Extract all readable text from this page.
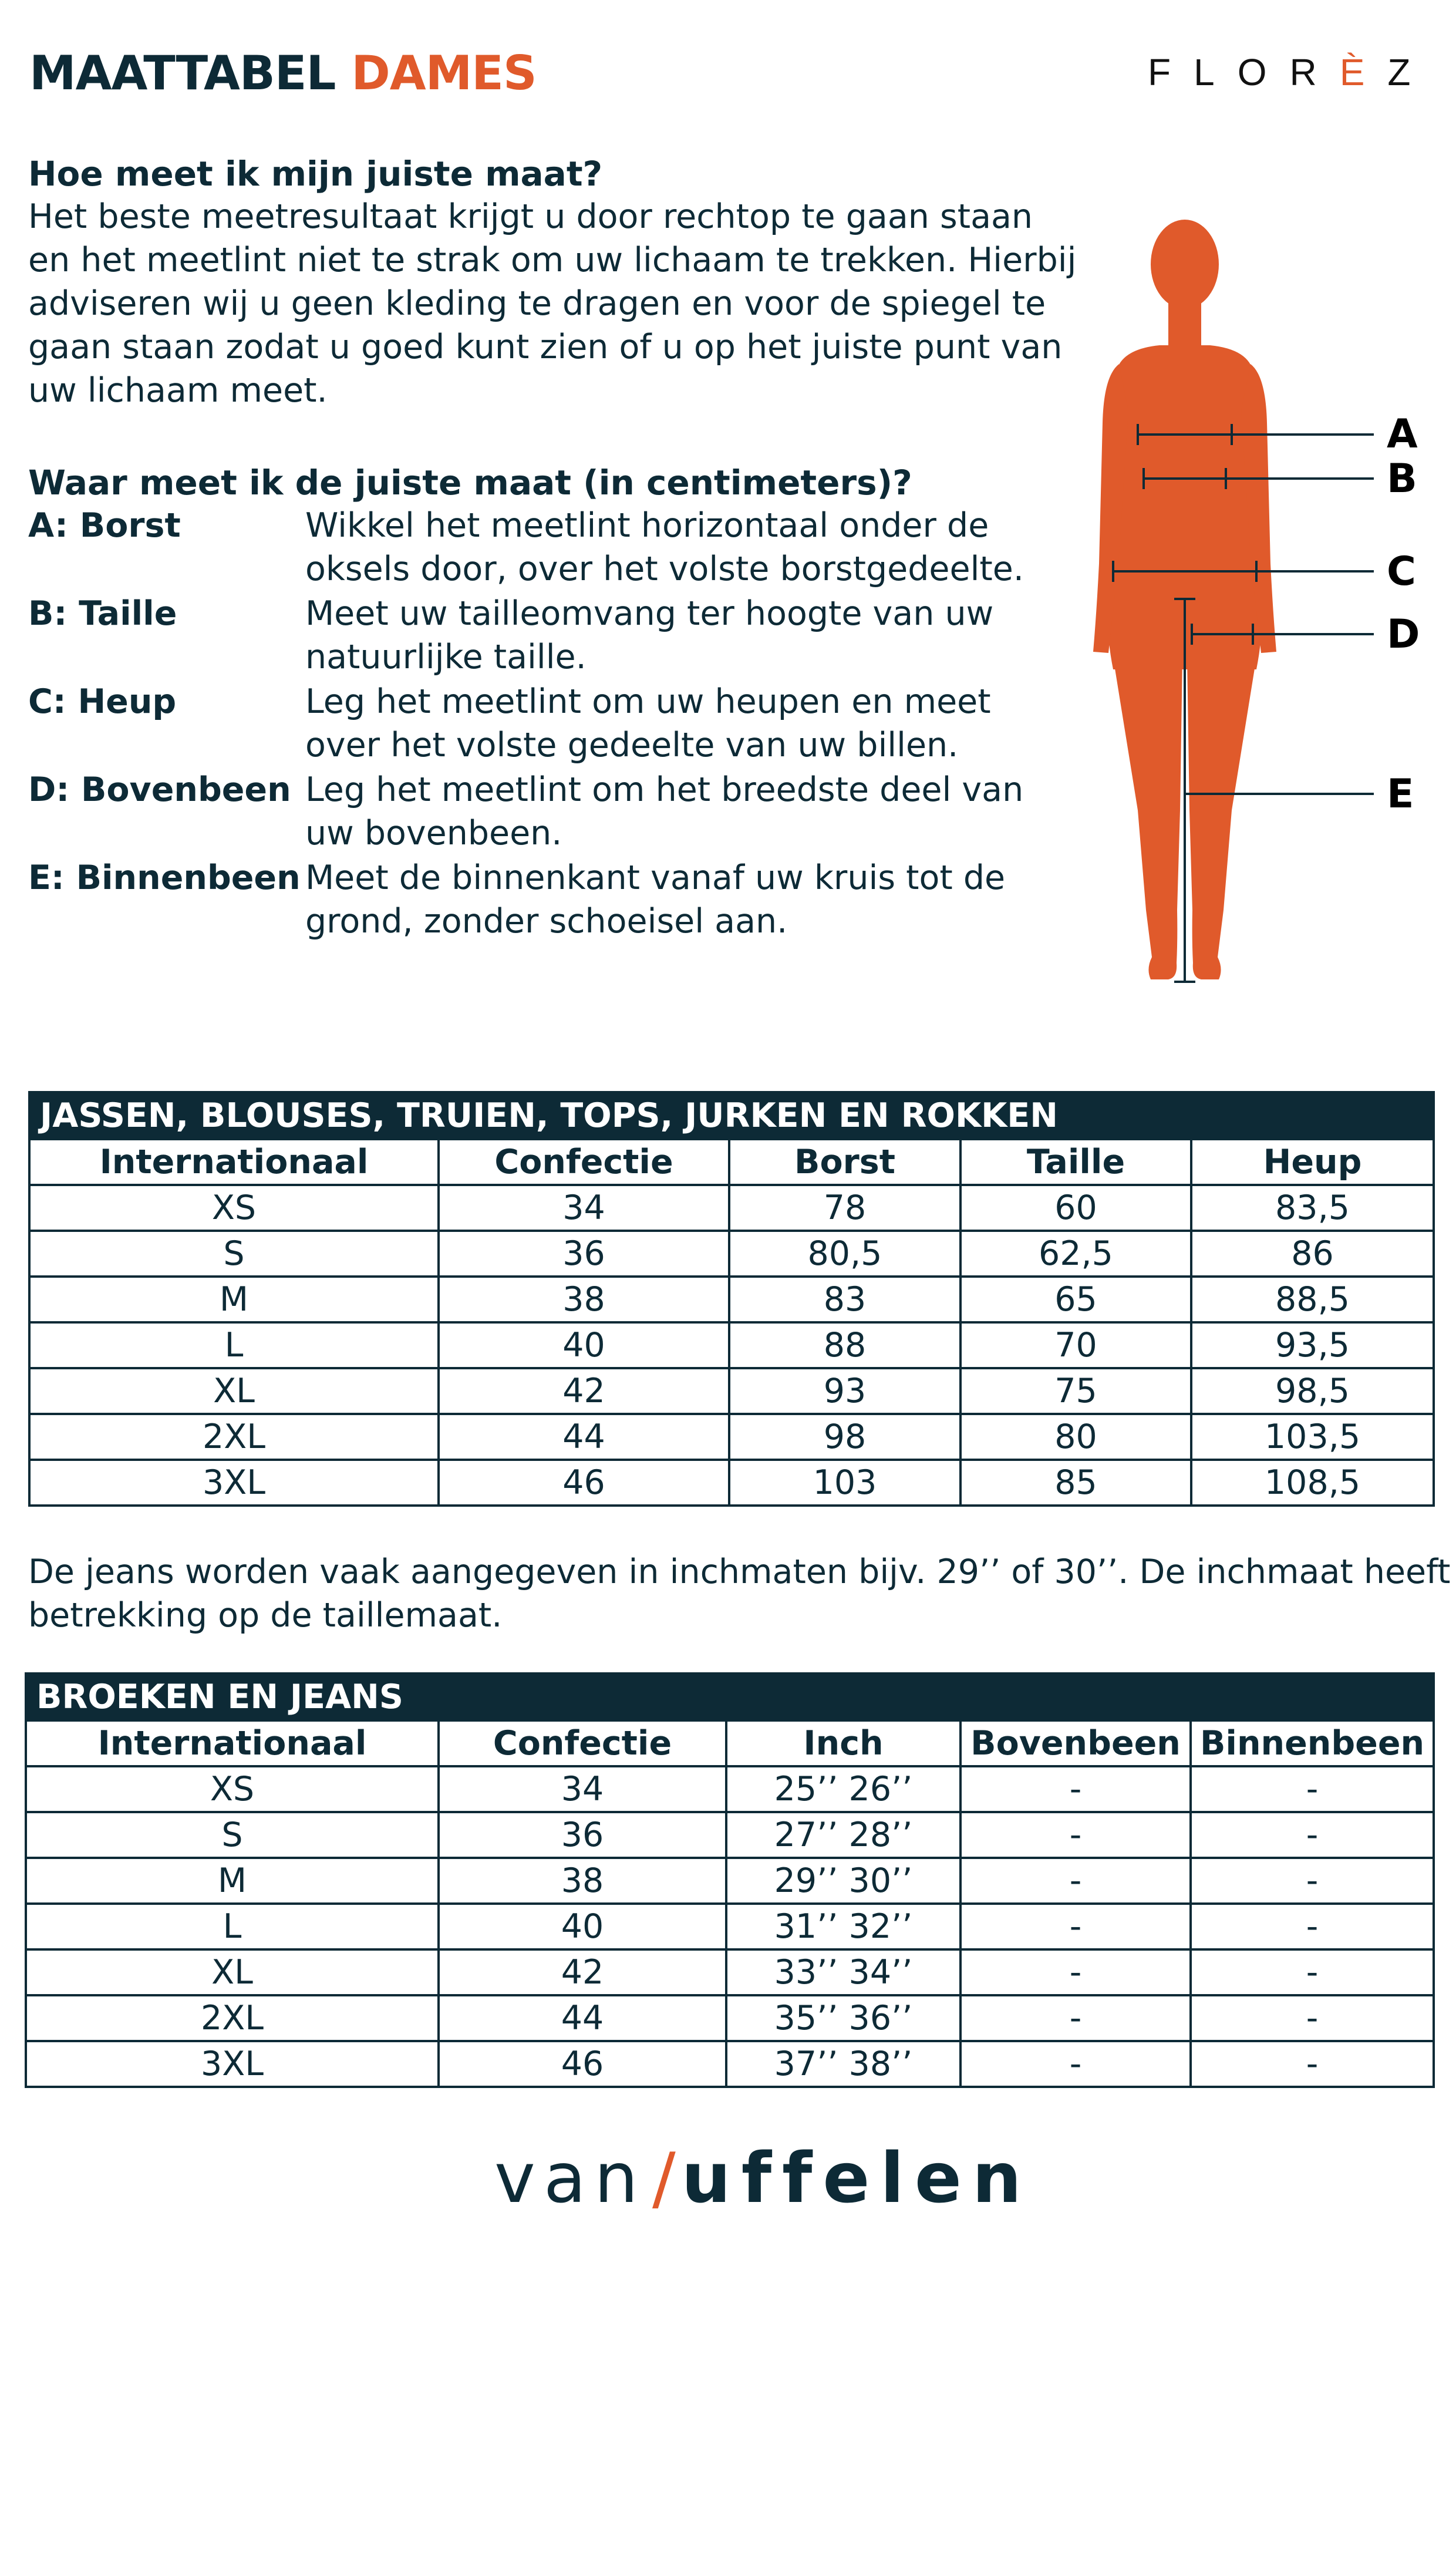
MAATTABEL DAMES	FLORÈZ
Hoe meet ik mijn juiste maat?
Het beste meetresultaat krijgt u door rechtop te gaan staan
en het meetlint niet te strak om uw lichaam te trekken. Hierbij
adviseren wij u geen kleding te dragen en voor de spiegel te
gaan staan zodat u goed kunt zien of u op het juiste punt van
uw lichaam meet.
Waar meet ik de juiste maat (in centimeters)?
A: Borst	Wikkel het meetlint horizontaal onder de
oksels door, over het volste borstgedeelte.
B: Taille	Meet uw tailleomvang ter hoogte van uw
natuurlijke taille.
C: Heup	Leg het meetlint om uw heupen en meet
over het volste gedeelte van uw billen.
D: Bovenbeen Leg het meetlint om het breedste deel van
uw bovenbeen.
E: Binnenbeen Meet de binnenkant vanaf uw kruis tot de
grond, zonder schoeisel aan.
A
B
C
D
E
JASSEN, BLOUSES, TRUIEN, TOPS, JURKEN EN ROKKEN				
Internationaal	Confectie	Borst	Taille	Heup
XS	34	78	60	83,5
S	36	80,5	62,5	86
M	38	83	65	88,5
L	40	88	70	93,5
XL	42	93	75	98,5
2XL	44	98	80	103,5
3XL	46	103	85	108,5
De jeans worden vaak aangegeven in inchmaten bijv. 29’’ of 30’’. De inchmaat heeft
betrekking op de taillemaat.
BROEKEN EN JEANS				
Internationaal	Confectie	Inch	Bovenbeen	Binnenbeen
XS	34	25’’ 26’’	-	-
S	36	27’’ 28’’	-	-
M	38	29’’ 30’’	-	-
L	40	31’’ 32’’	-	-
XL	42	33’’ 34’’	-	-
2XL	44	35’’ 36’’	-	-
3XL	46	37’’ 38’’	-	-
van/uffelen
